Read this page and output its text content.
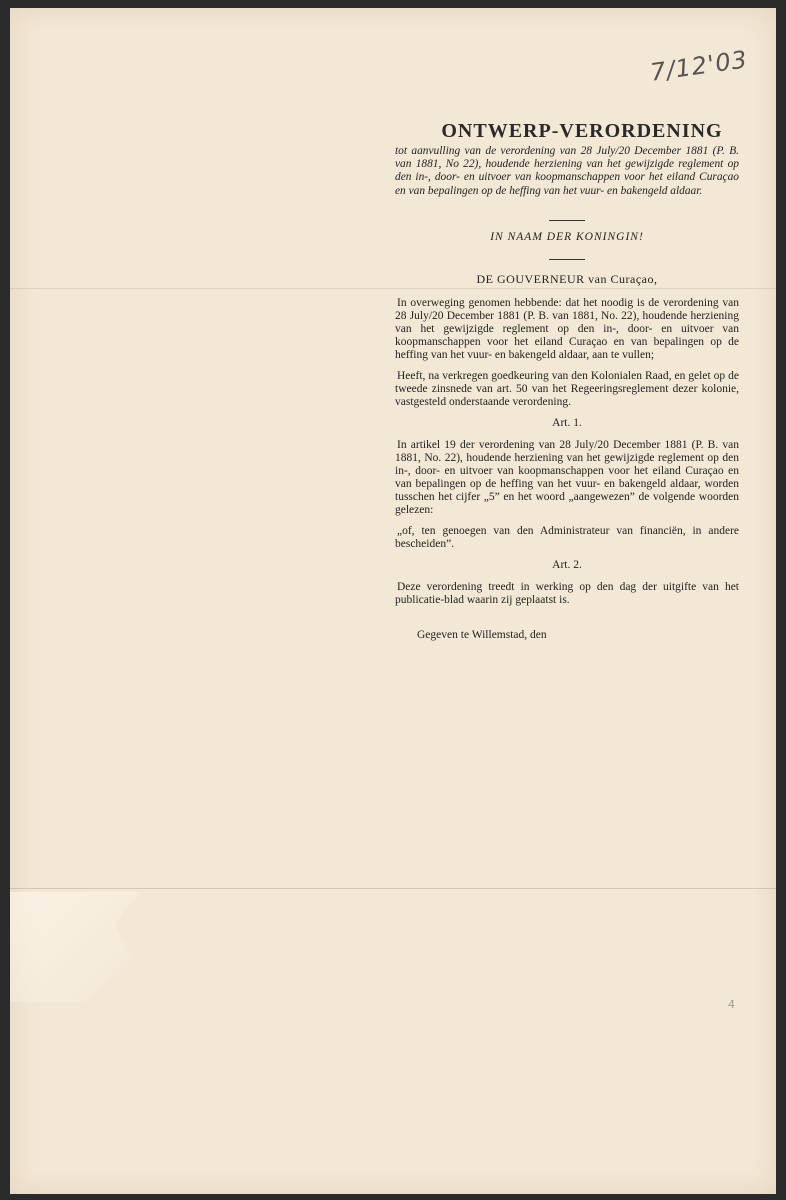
7/12'03
ONTWERP-VERORDENING

tot aanvulling van de verordening van 28 July/20 December 1881 (P. B. van 1881, No 22), houdende herziening van het gewijzigde reglement op den in-, door- en uitvoer van koopmanschappen voor het eiland Curaçao en van bepalingen op de heffing van het vuur- en bakengeld aldaar.

IN NAAM DER KONINGIN!

DE GOUVERNEUR van Curaçao,

In overweging genomen hebbende: dat het noodig is de verordening van 28 July/20 December 1881 (P. B. van 1881, No. 22), houdende herziening van het gewijzigde reglement op den in-, door- en uitvoer van koopmanschappen voor het eiland Curaçao en van bepalingen op de heffing van het vuur- en bakengeld aldaar, aan te vullen;

Heeft, na verkregen goedkeuring van den Kolonialen Raad, en gelet op de tweede zinsnede van art. 50 van het Regeeringsreglement dezer kolonie, vastgesteld onderstaande verordening.

Art. 1.

In artikel 19 der verordening van 28 July/20 December 1881 (P. B. van 1881, No. 22), houdende herziening van het gewijzigde reglement op den in-, door- en uitvoer van koopmanschappen voor het eiland Curaçao en van bepalingen op de heffing van het vuur- en bakengeld aldaar, worden tusschen het cijfer „5” en het woord „aangewezen” de volgende woorden gelezen:

„of, ten genoegen van den Administrateur van financiën, in andere bescheiden”.

Art. 2.

Deze verordening treedt in werking op den dag der uitgifte van het publicatie-blad waarin zij geplaatst is.

Gegeven te Willemstad, den

4
